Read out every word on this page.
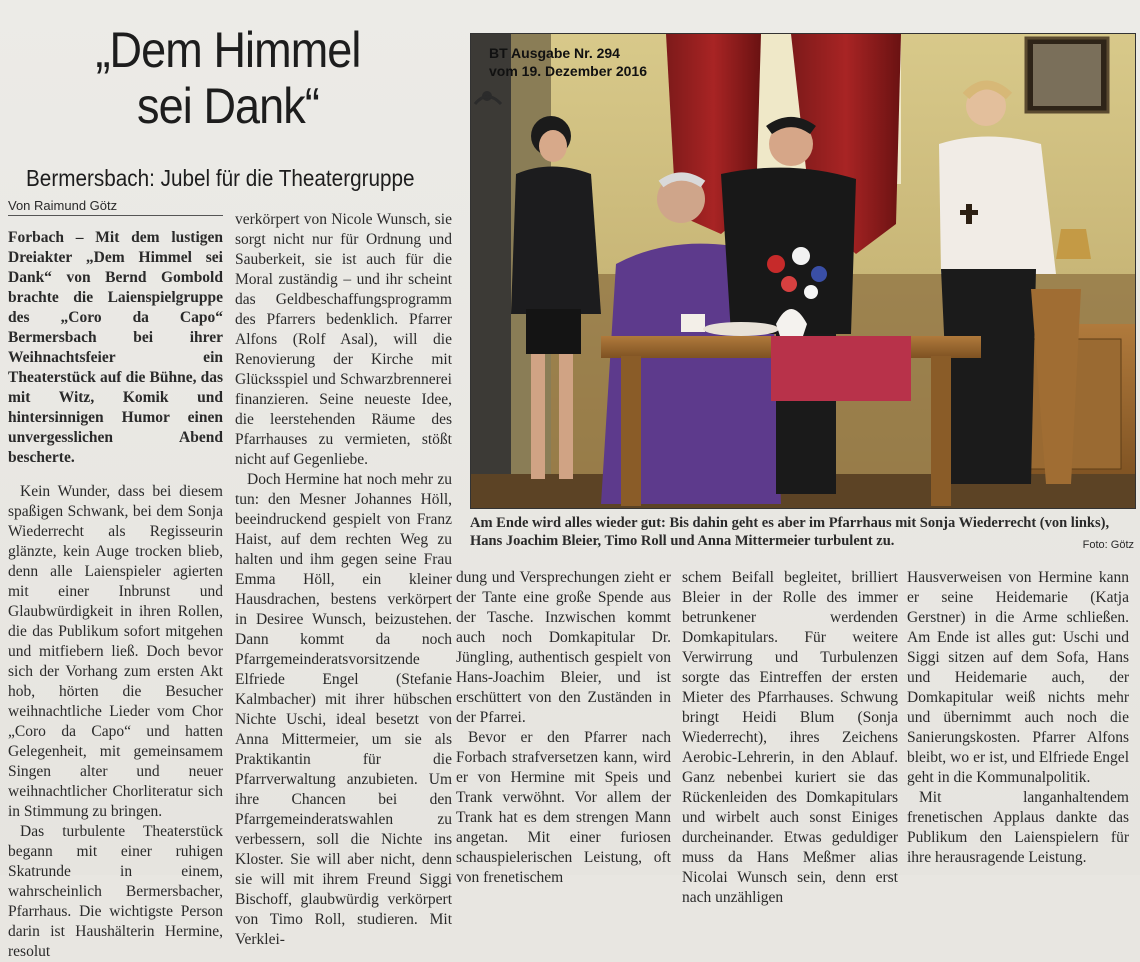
„Dem Himmel
sei Dank“
Bermersbach: Jubel für die Theatergruppe
Von Raimund Götz

Forbach – Mit dem lustigen Dreiakter „Dem Himmel sei Dank“ von Bernd Gombold brachte die Laienspielgruppe des „Coro da Capo“ Bermersbach bei ihrer Weihnachtsfeier ein Theaterstück auf die Bühne, das mit Witz, Komik und hintersinnigen Humor einen unvergesslichen Abend bescherte.

Kein Wunder, dass bei diesem spaßigen Schwank, bei dem Sonja Wiederrecht als Regisseurin glänzte, kein Auge trocken blieb, denn alle Laienspieler agierten mit einer Inbrunst und Glaubwürdigkeit in ihren Rollen, die das Publikum sofort mitgehen und mitfiebern ließ. Doch bevor sich der Vorhang zum ersten Akt hob, hörten die Besucher weihnachtliche Lieder vom Chor „Coro da Capo“ und hatten Gelegenheit, mit gemeinsamem Singen alter und neuer weihnachtlicher Chorliteratur sich in Stimmung zu bringen.

Das turbulente Theaterstück begann mit einer ruhigen Skatrunde in einem, wahrscheinlich Bermersbacher, Pfarrhaus. Die wichtigste Person darin ist Haushälterin Hermine, resolut

verkörpert von Nicole Wunsch, sie sorgt nicht nur für Ordnung und Sauberkeit, sie ist auch für die Moral zuständig – und ihr scheint das Geldbeschaffungsprogramm des Pfarrers bedenklich. Pfarrer Alfons (Rolf Asal), will die Renovierung der Kirche mit Glücksspiel und Schwarzbrennerei finanzieren. Seine neueste Idee, die leerstehenden Räume des Pfarrhauses zu vermieten, stößt nicht auf Gegenliebe.

Doch Hermine hat noch mehr zu tun: den Mesner Johannes Höll, beeindruckend gespielt von Franz Haist, auf dem rechten Weg zu halten und ihm gegen seine Frau Emma Höll, ein kleiner Hausdrachen, bestens verkörpert in Desiree Wunsch, beizustehen. Dann kommt da noch Pfarrgemeinderatsvorsitzende Elfriede Engel (Stefanie Kalmbacher) mit ihrer hübschen Nichte Uschi, ideal besetzt von Anna Mittermeier, um sie als Praktikantin für die Pfarrverwaltung anzubieten. Um ihre Chancen bei den Pfarrgemeinderatswahlen zu verbessern, soll die Nichte ins Kloster. Sie will aber nicht, denn sie will mit ihrem Freund Siggi Bischoff, glaubwürdig verkörpert von Timo Roll, studieren. Mit Verklei-

BT Ausgabe Nr. 294
vom 19. Dezember 2016
Am Ende wird alles wieder gut: Bis dahin geht es aber im Pfarrhaus mit Sonja Wiederrecht (von links), Hans Joachim Bleier, Timo Roll und Anna Mittermeier turbulent zu.	Foto: Götz

dung und Versprechungen zieht er der Tante eine große Spende aus der Tasche. Inzwischen kommt auch noch Domkapitular Dr. Jüngling, authentisch gespielt von Hans-Joachim Bleier, und ist erschüttert von den Zuständen in der Pfarrei.

Bevor er den Pfarrer nach Forbach strafversetzen kann, wird er von Hermine mit Speis und Trank verwöhnt. Vor allem der Trank hat es dem strengen Mann angetan. Mit einer furiosen schauspielerischen Leistung, oft von frenetischem

schem Beifall begleitet, brilliert Bleier in der Rolle des immer betrunkener werdenden Domkapitulars. Für weitere Verwirrung und Turbulenzen sorgte das Eintreffen der ersten Mieter des Pfarrhauses. Schwung bringt Heidi Blum (Sonja Wiederrecht), ihres Zeichens Aerobic-Lehrerin, in den Ablauf. Ganz nebenbei kuriert sie das Rückenleiden des Domkapitulars und wirbelt auch sonst Einiges durcheinander. Etwas geduldiger muss da Hans Meßmer alias Nicolai Wunsch sein, denn erst nach unzähligen

Hausverweisen von Hermine kann er seine Heidemarie (Katja Gerstner) in die Arme schließen. Am Ende ist alles gut: Uschi und Siggi sitzen auf dem Sofa, Hans und Heidemarie auch, der Domkapitular weiß nichts mehr und übernimmt auch noch die Sanierungskosten. Pfarrer Alfons bleibt, wo er ist, und Elfriede Engel geht in die Kommunalpolitik.

Mit langanhaltendem frenetischen Applaus dankte das Publikum den Laienspielern für ihre herausragende Leistung.
